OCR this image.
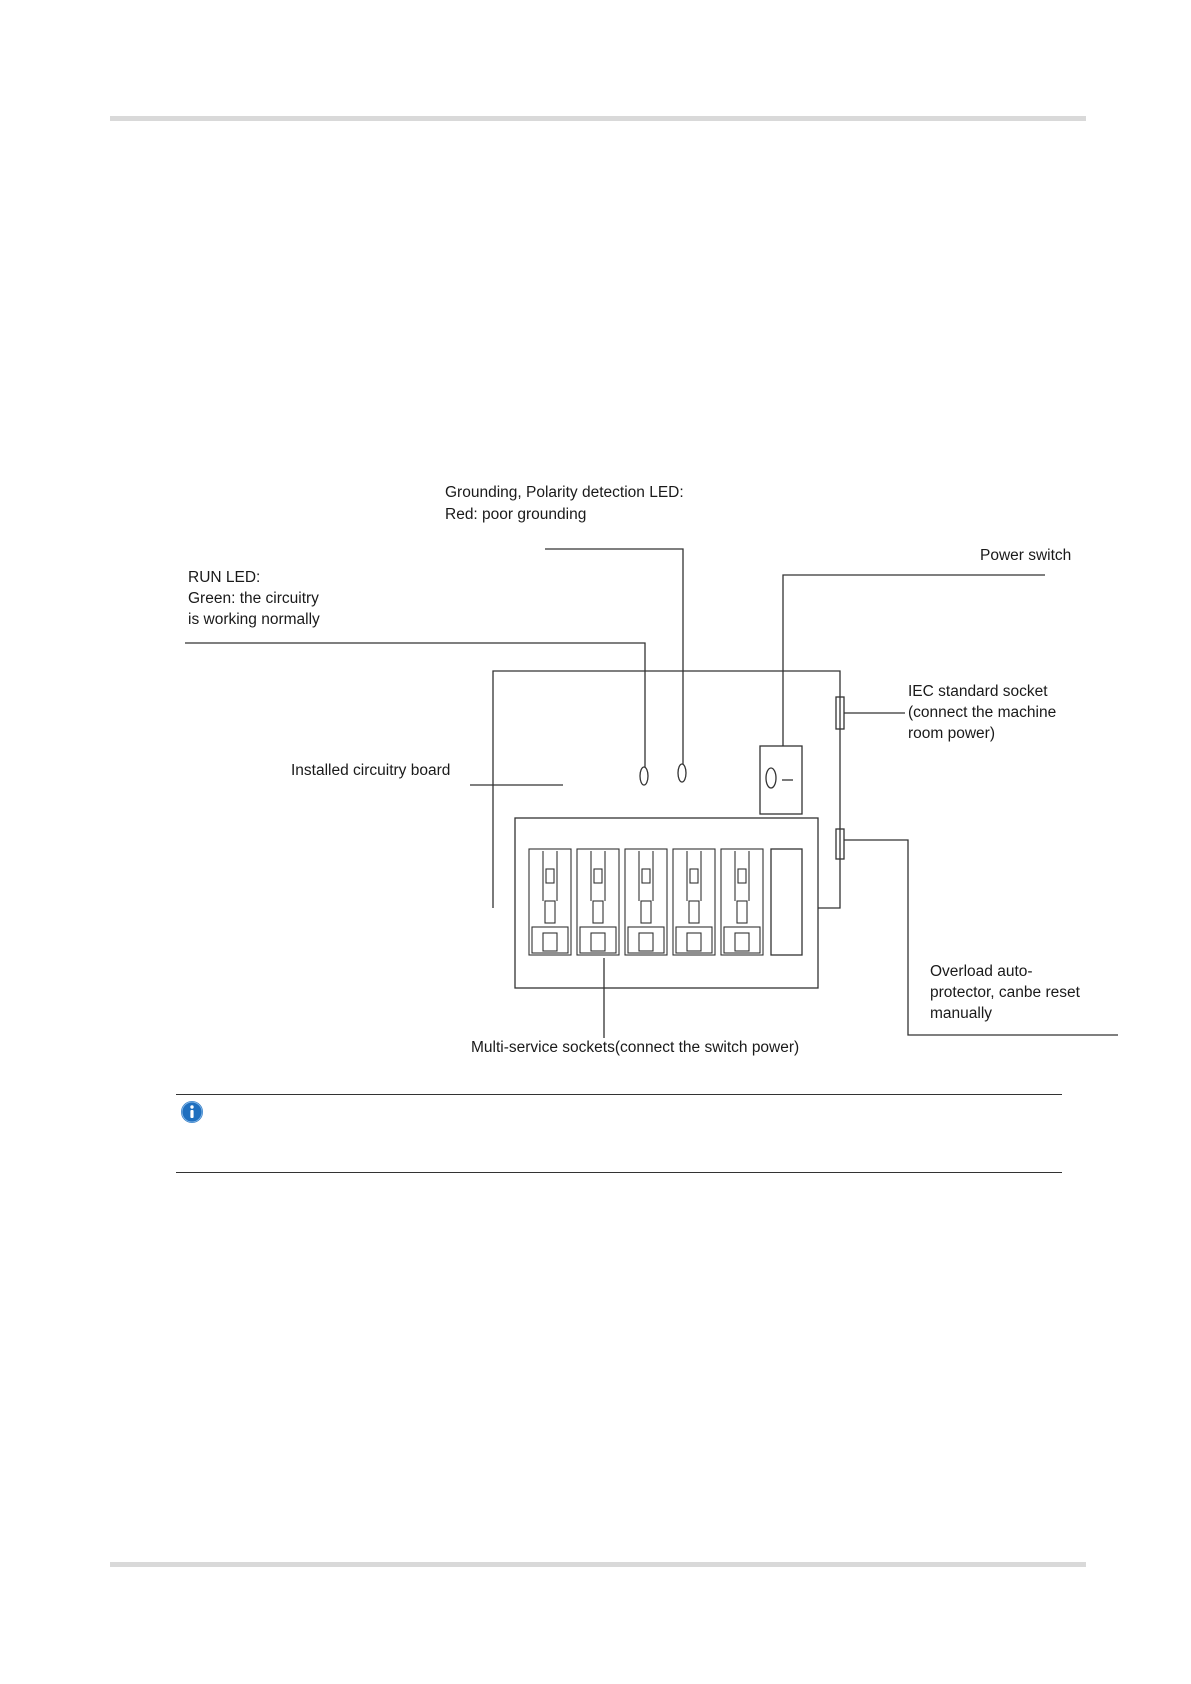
Grounding, Polarity detection LED:
Red: poor grounding
RUN LED:
Green: the circuitry
is working normally
Power switch
IEC standard socket
(connect the machine
room power)
Installed circuitry board
Overload auto-
protector, canbe reset
manually
Multi-service sockets(connect the switch power)
